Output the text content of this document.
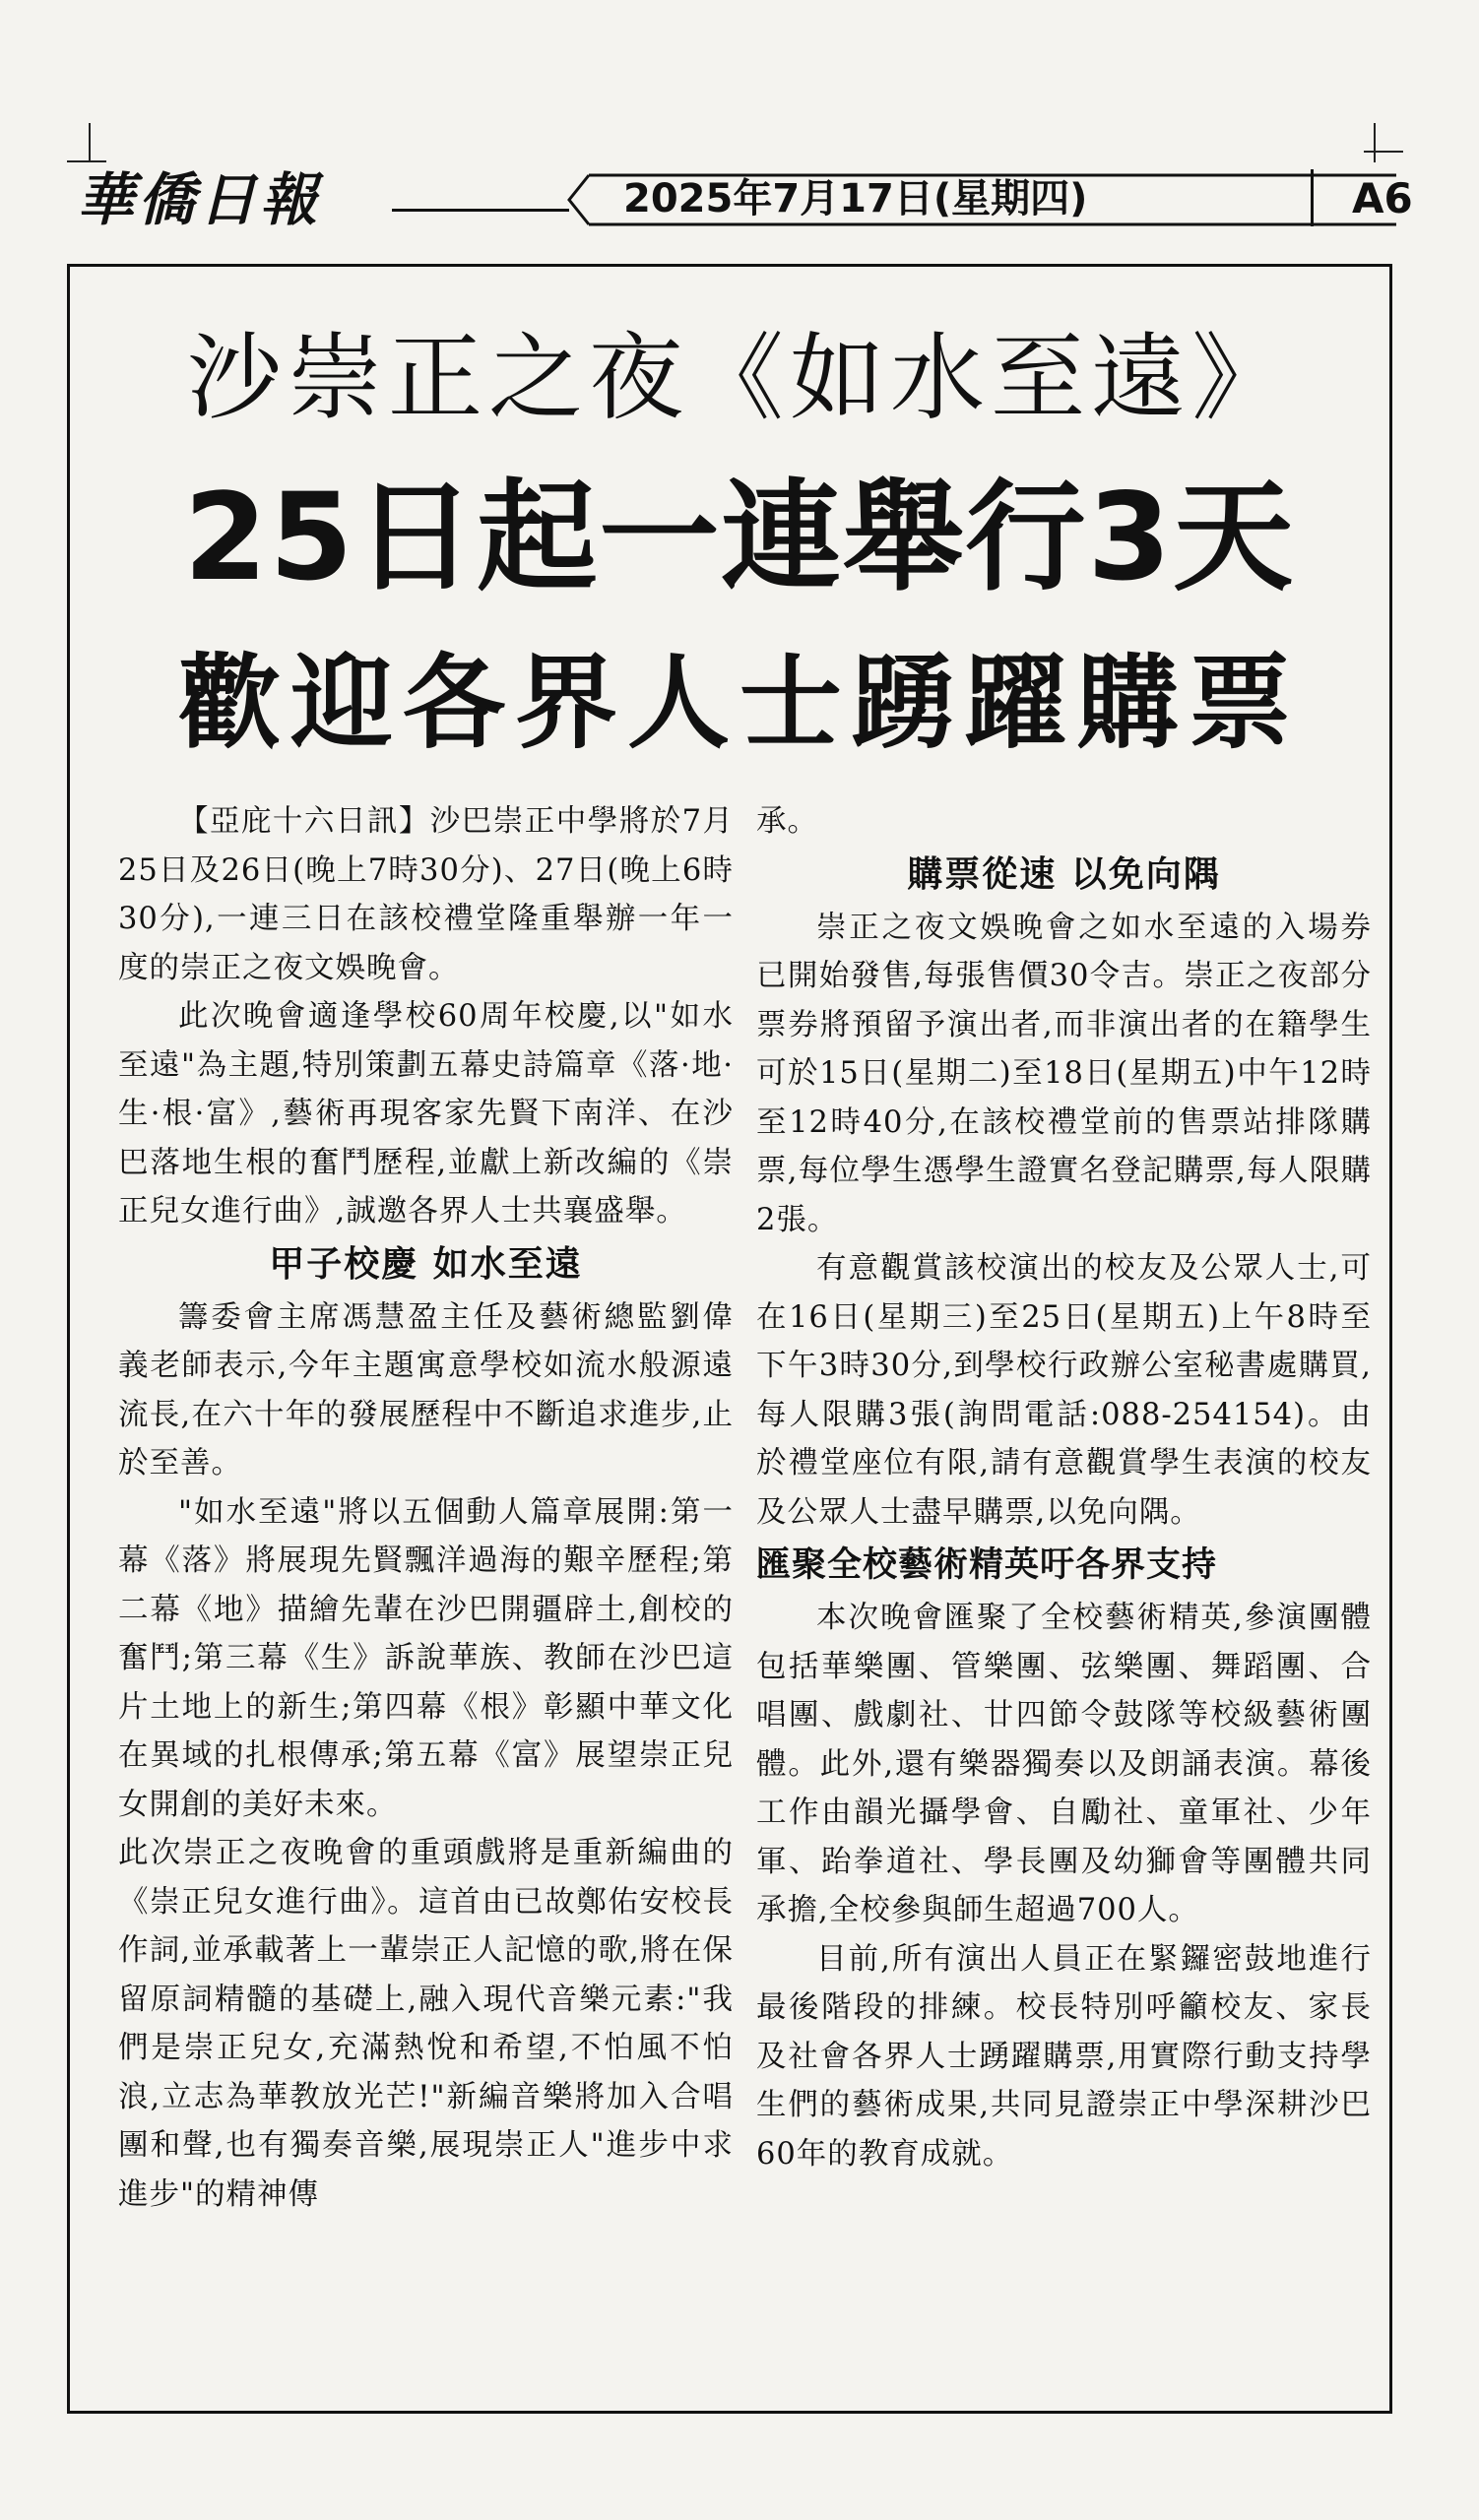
華僑日報	2025年7月17日(星期四)	A6
沙崇正之夜《如水至遠》
25日起一連舉行3天
歡迎各界人士踴躍購票

【亞庇十六日訊】沙巴崇正中學將於7月25日及26日(晚上7時30分)、27日(晚上6時30分),一連三日在該校禮堂隆重舉辦一年一度的崇正之夜文娛晚會。

此次晚會適逢學校60周年校慶,以"如水至遠"為主題,特別策劃五幕史詩篇章《落·地·生·根·富》,藝術再現客家先賢下南洋、在沙巴落地生根的奮鬥歷程,並獻上新改編的《崇正兒女進行曲》,誠邀各界人士共襄盛舉。

甲子校慶 如水至遠

籌委會主席馮慧盈主任及藝術總監劉偉義老師表示,今年主題寓意學校如流水般源遠流長,在六十年的發展歷程中不斷追求進步,止於至善。

"如水至遠"將以五個動人篇章展開:第一幕《落》將展現先賢飄洋過海的艱辛歷程;第二幕《地》描繪先輩在沙巴開疆辟土,創校的奮鬥;第三幕《生》訴說華族、教師在沙巴這片土地上的新生;第四幕《根》彰顯中華文化在異域的扎根傳承;第五幕《富》展望崇正兒女開創的美好未來。

此次崇正之夜晚會的重頭戲將是重新編曲的《崇正兒女進行曲》。這首由已故鄭佑安校長作詞,並承載著上一輩崇正人記憶的歌,將在保留原詞精髓的基礎上,融入現代音樂元素:"我們是崇正兒女,充滿熱悅和希望,不怕風不怕浪,立志為華教放光芒!"新編音樂將加入合唱團和聲,也有獨奏音樂,展現崇正人"進步中求進步"的精神傳

承。

購票從速 以免向隅

崇正之夜文娛晚會之如水至遠的入場券已開始發售,每張售價30令吉。崇正之夜部分票券將預留予演出者,而非演出者的在籍學生可於15日(星期二)至18日(星期五)中午12時至12時40分,在該校禮堂前的售票站排隊購票,每位學生憑學生證實名登記購票,每人限購2張。

有意觀賞該校演出的校友及公眾人士,可在16日(星期三)至25日(星期五)上午8時至下午3時30分,到學校行政辦公室秘書處購買,每人限購3張(詢問電話:088-254154)。由於禮堂座位有限,請有意觀賞學生表演的校友及公眾人士盡早購票,以免向隅。

匯聚全校藝術精英吁各界支持

本次晚會匯聚了全校藝術精英,參演團體包括華樂團、管樂團、弦樂團、舞蹈團、合唱團、戲劇社、廿四節令鼓隊等校級藝術團體。此外,還有樂器獨奏以及朗誦表演。幕後工作由韻光攝學會、自勵社、童軍社、少年軍、跆拳道社、學長團及幼獅會等團體共同承擔,全校參與師生超過700人。

目前,所有演出人員正在緊鑼密鼓地進行最後階段的排練。校長特別呼籲校友、家長及社會各界人士踴躍購票,用實際行動支持學生們的藝術成果,共同見證崇正中學深耕沙巴60年的教育成就。
